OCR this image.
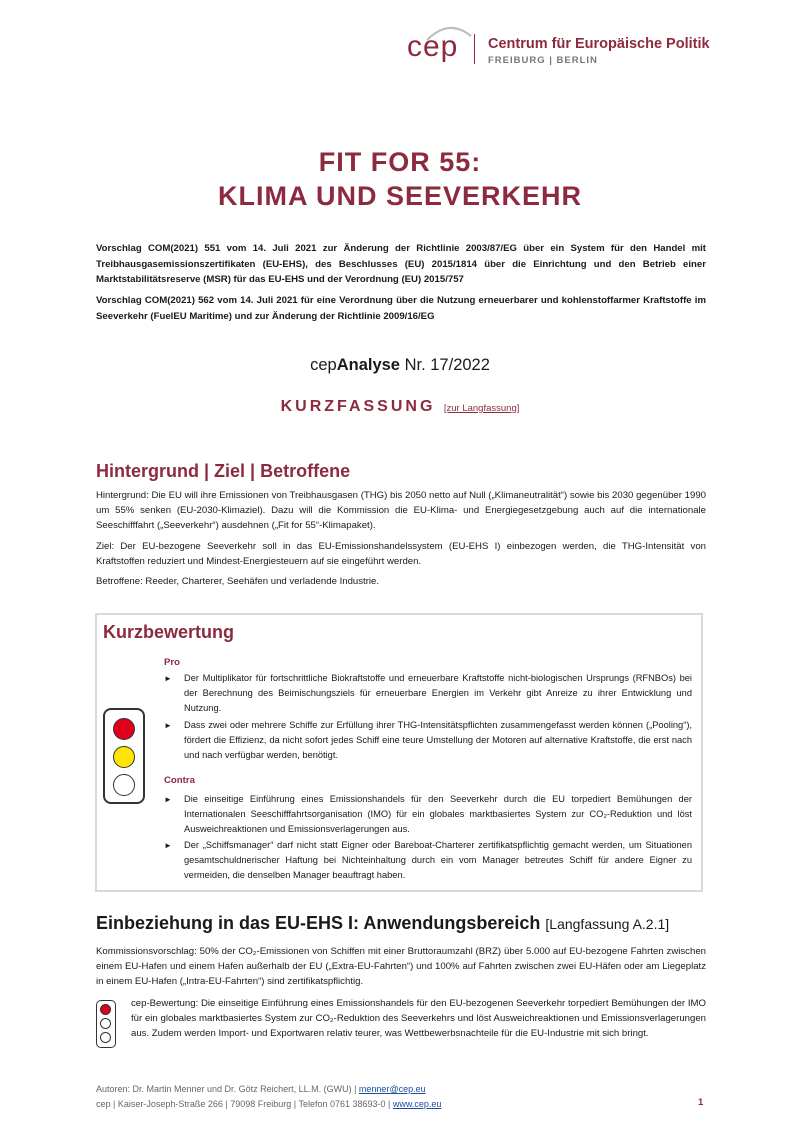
cep Centrum für Europäische Politik
FREIBURG | BERLIN
FIT FOR 55:
KLIMA UND SEEVERKEHR
Vorschlag COM(2021) 551 vom 14. Juli 2021 zur Änderung der Richtlinie 2003/87/EG über ein System für den Handel mit Treibhausgasemissionszertifikaten (EU-EHS), des Beschlusses (EU) 2015/1814 über die Einrichtung und den Betrieb einer Marktstabilitätsreserve (MSR) für das EU-EHS und der Verordnung (EU) 2015/757
Vorschlag COM(2021) 562 vom 14. Juli 2021 für eine Verordnung über die Nutzung erneuerbarer und kohlenstoffarmer Kraftstoffe im Seeverkehr (FuelEU Maritime) und zur Änderung der Richtlinie 2009/16/EG
cepAnalyse Nr. 17/2022
KURZFASSUNG [zur Langfassung]
Hintergrund | Ziel | Betroffene
Hintergrund: Die EU will ihre Emissionen von Treibhausgasen (THG) bis 2050 netto auf Null („Klimaneutralität“) sowie bis 2030 gegenüber 1990 um 55% senken (EU-2030-Klimaziel). Dazu will die Kommission die EU-Klima- und Energiegesetzgebung auch auf die internationale Seeschifffahrt („Seeverkehr“) ausdehnen („Fit for 55“-Klimapaket).
Ziel: Der EU-bezogene Seeverkehr soll in das EU-Emissionshandelssystem (EU-EHS I) einbezogen werden, die THG-Intensität von Kraftstoffen reduziert und Mindest-Energiesteuern auf sie eingeführt werden.
Betroffene: Reeder, Charterer, Seehäfen und verladende Industrie.
Kurzbewertung
Pro
► Der Multiplikator für fortschrittliche Biokraftstoffe und erneuerbare Kraftstoffe nicht-biologischen Ursprungs (RFNBOs) bei der Berechnung des Beimischungsziels für erneuerbare Energien im Verkehr gibt Anreize zu ihrer Entwicklung und Nutzung.
► Dass zwei oder mehrere Schiffe zur Erfüllung ihrer THG-Intensitätspflichten zusammengefasst werden können („Pooling“), fördert die Effizienz, da nicht sofort jedes Schiff eine teure Umstellung der Motoren auf alternative Kraftstoffe, die erst nach und nach verfügbar werden, benötigt.
Contra
► Die einseitige Einführung eines Emissionshandels für den Seeverkehr durch die EU torpediert Bemühungen der Internationalen Seeschifffahrtsorganisation (IMO) für ein globales marktbasiertes System zur CO₂-Reduktion und löst Ausweichreaktionen und Emissionsverlagerungen aus.
► Der „Schiffsmanager“ darf nicht statt Eigner oder Bareboat-Charterer zertifikatspflichtig gemacht werden, um Situationen gesamtschuldnerischer Haftung bei Nichteinhaltung durch ein vom Manager betreutes Schiff für andere Eigner zu vermeiden, die denselben Manager beauftragt haben.
Einbeziehung in das EU-EHS I: Anwendungsbereich [Langfassung A.2.1]
Kommissionsvorschlag: 50% der CO₂-Emissionen von Schiffen mit einer Bruttoraumzahl (BRZ) über 5.000 auf EU-bezogene Fahrten zwischen einem EU-Hafen und einem Hafen außerhalb der EU („Extra-EU-Fahrten“) und 100% auf Fahrten zwischen zwei EU-Häfen oder am Liegeplatz in einem EU-Hafen („Intra-EU-Fahrten“) sind zertifikatspflichtig.
cep-Bewertung: Die einseitige Einführung eines Emissionshandels für den EU-bezogenen Seeverkehr torpediert Bemühungen der IMO für ein globales marktbasiertes System zur CO₂-Reduktion des Seeverkehrs und löst Ausweichreaktionen und Emissionsverlagerungen aus. Zudem werden Import- und Exportwaren relativ teurer, was Wettbewerbsnachteile für die EU-Industrie mit sich bringt.
Autoren: Dr. Martin Menner und Dr. Götz Reichert, LL.M. (GWU) | menner@cep.eu
cep | Kaiser-Joseph-Straße 266 | 79098 Freiburg | Telefon 0761 38693-0 | www.cep.eu	1
